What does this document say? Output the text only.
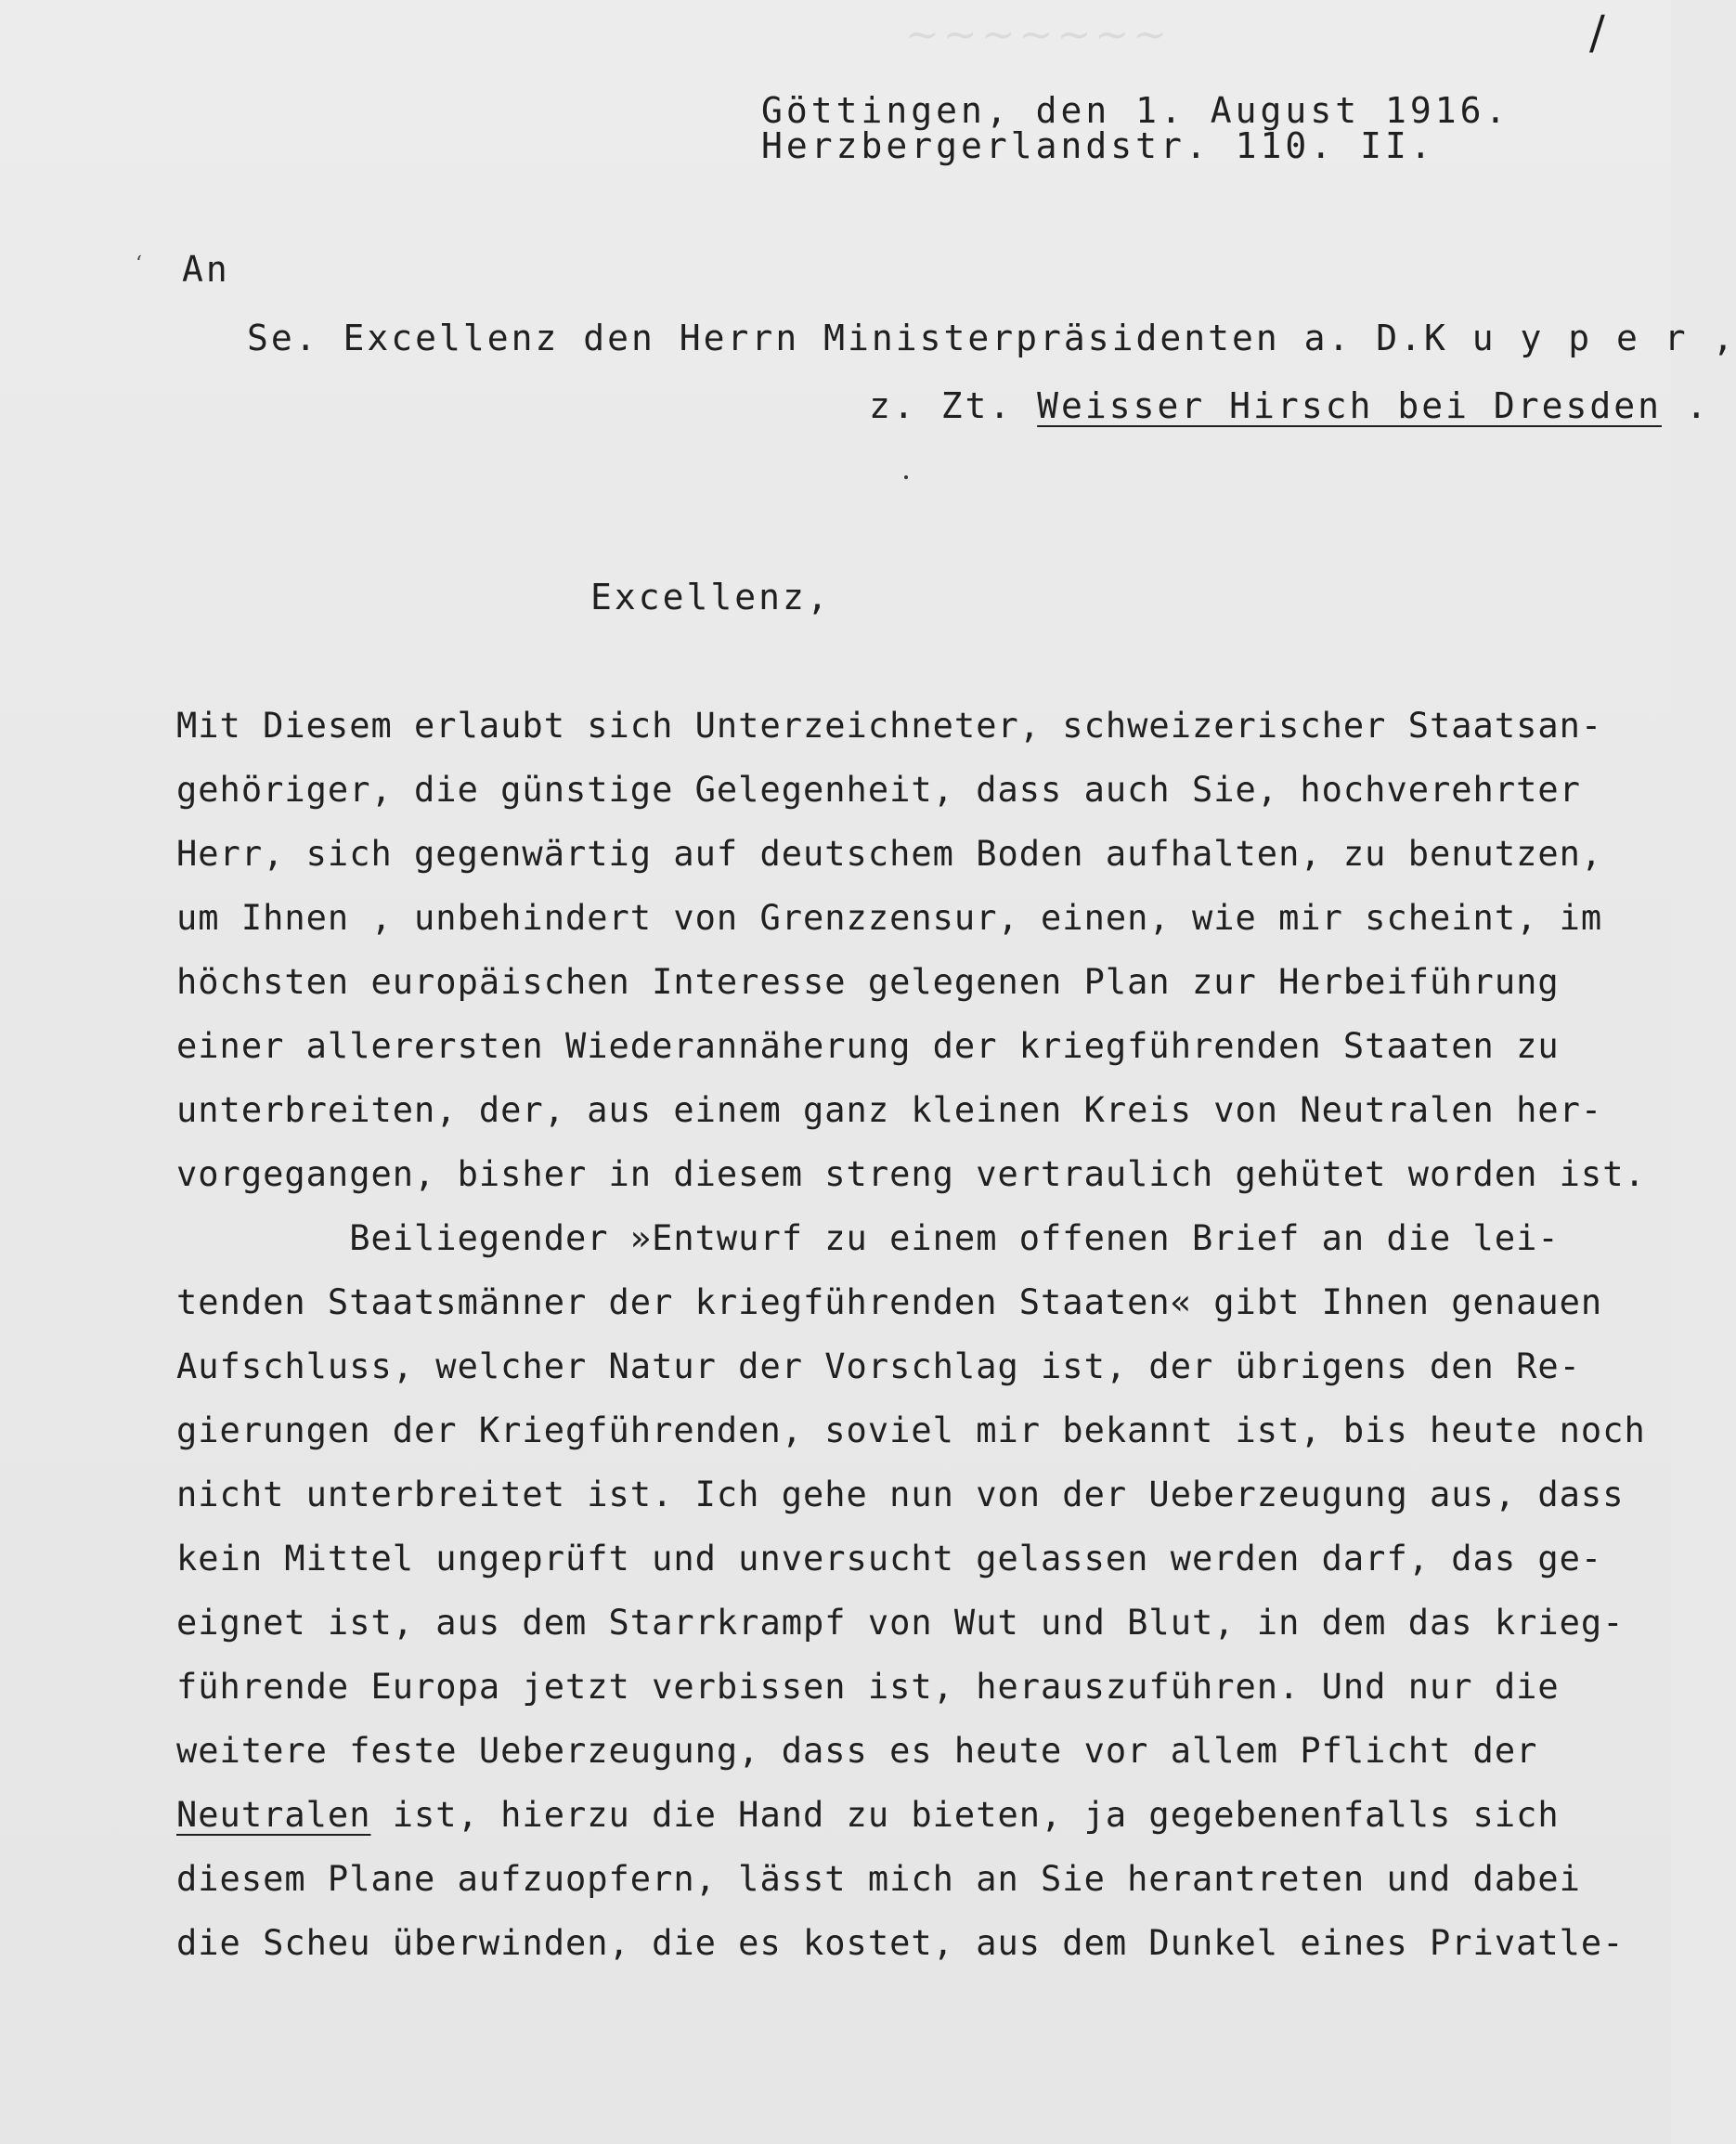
~~~~~~~	/
Göttingen, den 1. August 1916.
Herzbergerlandstr. 110. II.
‘ An
Se. Excellenz den Herrn Ministerpräsidenten a. D.K u y p e r ,
z. Zt. Weisser Hirsch bei Dresden .
Excellenz,
Mit Diesem erlaubt sich Unterzeichneter, schweizerischer Staatsan-
gehöriger, die günstige Gelegenheit, dass auch Sie, hochverehrter
Herr, sich gegenwärtig auf deutschem Boden aufhalten, zu benutzen,
um Ihnen , unbehindert von Grenzzensur, einen, wie mir scheint, im
höchsten europäischen Interesse gelegenen Plan zur Herbeiführung
einer allerersten Wiederannäherung der kriegführenden Staaten zu
unterbreiten, der, aus einem ganz kleinen Kreis von Neutralen her-
vorgegangen, bisher in diesem streng vertraulich gehütet worden ist.
Beiliegender »Entwurf zu einem offenen Brief an die lei-
tenden Staatsmänner der kriegführenden Staaten« gibt Ihnen genauen
Aufschluss, welcher Natur der Vorschlag ist, der übrigens den Re-
gierungen der Kriegführenden, soviel mir bekannt ist, bis heute noch
nicht unterbreitet ist. Ich gehe nun von der Ueberzeugung aus, dass
kein Mittel ungeprüft und unversucht gelassen werden darf, das ge-
eignet ist, aus dem Starrkrampf von Wut und Blut, in dem das krieg-
führende Europa jetzt verbissen ist, herauszuführen. Und nur die
weitere feste Ueberzeugung, dass es heute vor allem Pflicht der
Neutralen ist, hierzu die Hand zu bieten, ja gegebenenfalls sich
diesem Plane aufzuopfern, lässt mich an Sie herantreten und dabei
die Scheu überwinden, die es kostet, aus dem Dunkel eines Privatle-
